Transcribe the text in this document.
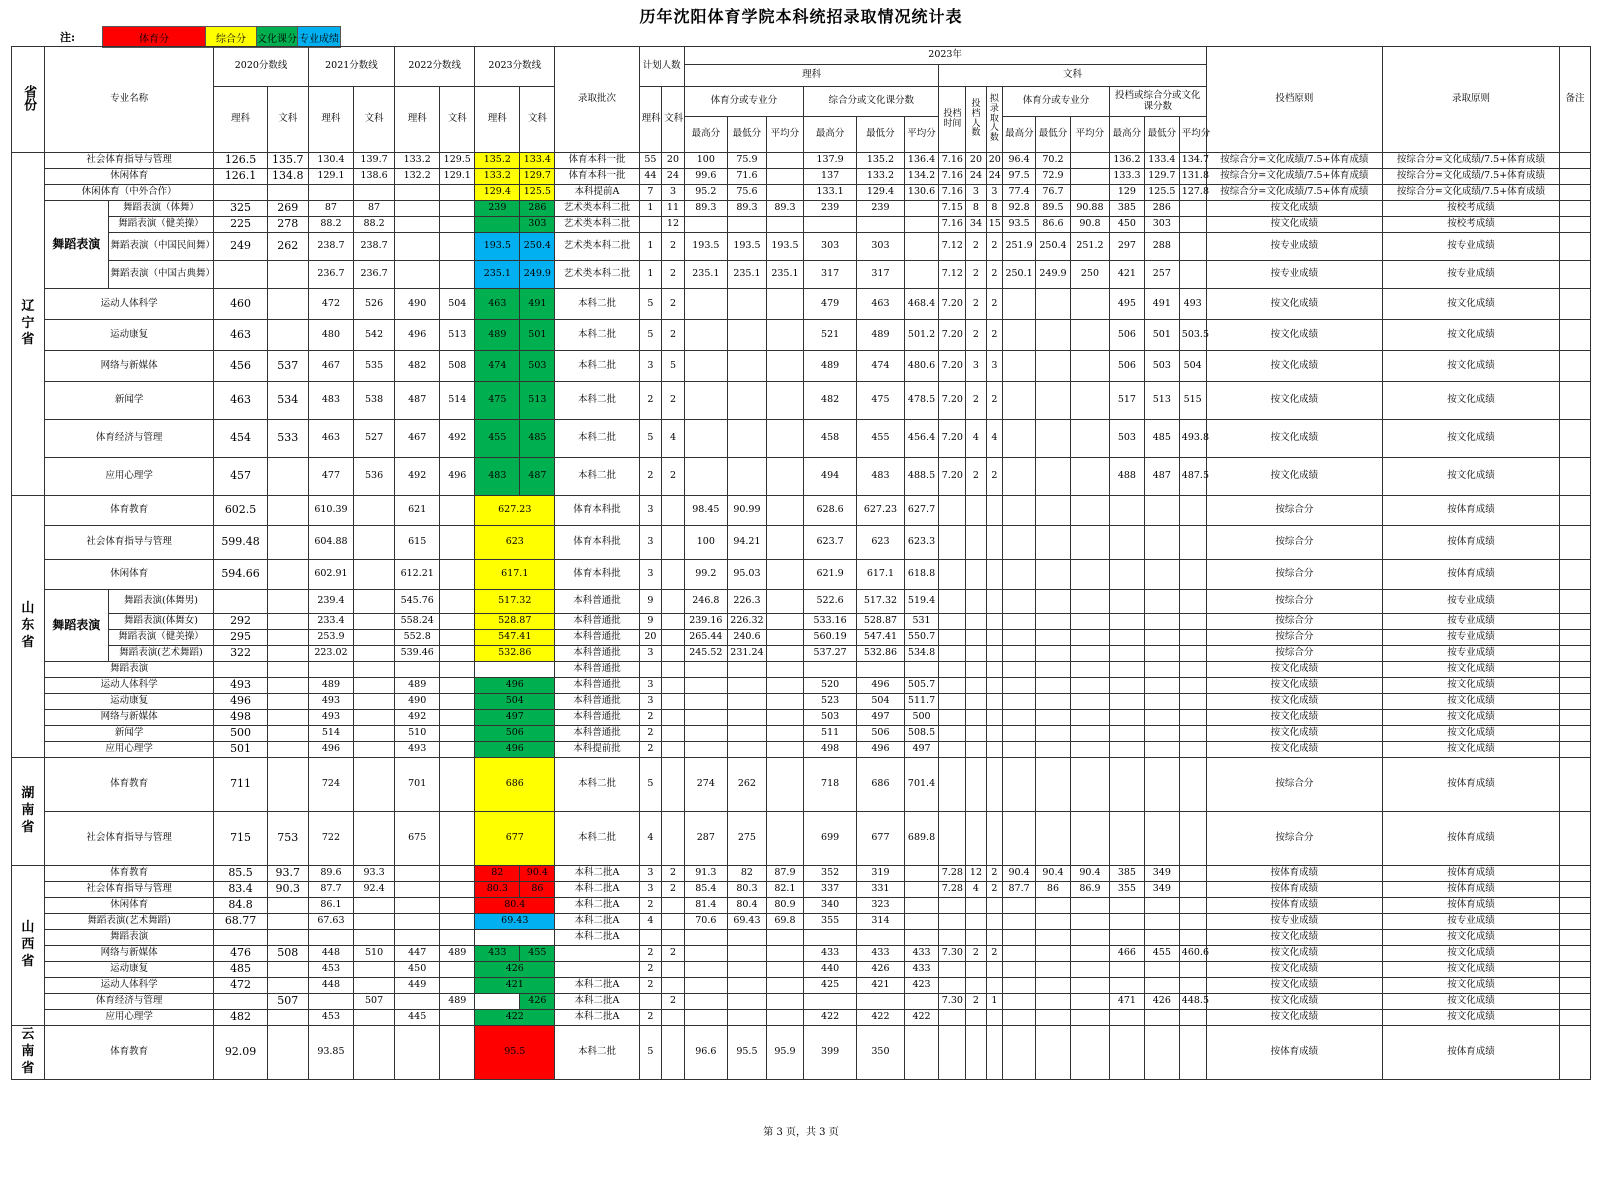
历年沈阳体育学院本科统招录取情况统计表
注:	体育分	综合分	文化课分 专业成绩
省份	专业名称		2020分数线		2021分数线		2022分数线		2023分数线		录取批次	计划人数		2023年															投档原则	录取原则	备注
														理科						文科											
			理科	文科	理科	文科	理科	文科	理科	文科		理科	文科	体育分或专业分			综合分或文化课分数			投档时间	投档人数	拟录取人数	体育分或专业分			投档或综合分或文化课分数					
														最高分	最低分	平均分	最高分	最低分	平均分				最高分	最低分	平均分	最高分	最低分	平均分			
辽宁省	社会体育指导与管理		126.5	135.7	130.4	139.7	133.2	129.5	135.2	133.4	体育本科一批	55	20	100	75.9		137.9	135.2	136.4	7.16	20	20	96.4	70.2		136.2	133.4	134.7	按综合分=文化成绩/7.5+体育成绩	按综合分=文化成绩/7.5+体育成绩	
	休闲体育		126.1	134.8	129.1	138.6	132.2	129.1	133.2	129.7	体育本科一批	44	24	99.6	71.6		137	133.2	134.2	7.16	24	24	97.5	72.9		133.3	129.7	131.8	按综合分=文化成绩/7.5+体育成绩	按综合分=文化成绩/7.5+体育成绩	
	休闲体育（中外合作）								129.4	125.5	本科提前A	7	3	95.2	75.6		133.1	129.4	130.6	7.16	3	3	77.4	76.7		129	125.5	127.8	按综合分=文化成绩/7.5+体育成绩	按综合分=文化成绩/7.5+体育成绩	
	舞蹈表演	舞蹈表演（体舞）	325	269	87	87			239	286	艺术类本科二批	1	11	89.3	89.3	89.3	239	239		7.15	8	8	92.8	89.5	90.88	385	286		按文化成绩	按校考成绩	
		舞蹈表演（健美操）	225	278	88.2	88.2				303	艺术类本科二批		12							7.16	34	15	93.5	86.6	90.8	450	303		按文化成绩	按校考成绩	
		舞蹈表演（中国民间舞）	249	262	238.7	238.7			193.5	250.4	艺术类本科二批	1	2	193.5	193.5	193.5	303	303		7.12	2	2	251.9	250.4	251.2	297	288		按专业成绩	按专业成绩	
		舞蹈表演（中国古典舞）			236.7	236.7			235.1	249.9	艺术类本科二批	1	2	235.1	235.1	235.1	317	317		7.12	2	2	250.1	249.9	250	421	257		按专业成绩	按专业成绩	
	运动人体科学		460		472	526	490	504	463	491	本科二批	5	2				479	463	468.4	7.20	2	2				495	491	493	按文化成绩	按文化成绩	
	运动康复		463		480	542	496	513	489	501	本科二批	5	2				521	489	501.2	7.20	2	2				506	501	503.5	按文化成绩	按文化成绩	
	网络与新媒体		456	537	467	535	482	508	474	503	本科二批	3	5				489	474	480.6	7.20	3	3				506	503	504	按文化成绩	按文化成绩	
	新闻学		463	534	483	538	487	514	475	513	本科二批	2	2				482	475	478.5	7.20	2	2				517	513	515	按文化成绩	按文化成绩	
	体育经济与管理		454	533	463	527	467	492	455	485	本科二批	5	4				458	455	456.4	7.20	4	4				503	485	493.8	按文化成绩	按文化成绩	
	应用心理学		457		477	536	492	496	483	487	本科二批	2	2				494	483	488.5	7.20	2	2				488	487	487.5	按文化成绩	按文化成绩	
山东省	体育教育		602.5		610.39		621		627.23		体育本科批	3		98.45	90.99		628.6	627.23	627.7										按综合分	按体育成绩	
	社会体育指导与管理		599.48		604.88		615		623		体育本科批	3		100	94.21		623.7	623	623.3										按综合分	按体育成绩	
	休闲体育		594.66		602.91		612.21		617.1		体育本科批	3		99.2	95.03		621.9	617.1	618.8										按综合分	按体育成绩	
	舞蹈表演	舞蹈表演(体舞男)			239.4		545.76		517.32		本科普通批	9		246.8	226.3		522.6	517.32	519.4										按综合分	按专业成绩	
		舞蹈表演(体舞女)	292		233.4		558.24		528.87		本科普通批	9		239.16	226.32		533.16	528.87	531										按综合分	按专业成绩	
		舞蹈表演（健美操）	295		253.9		552.8		547.41		本科普通批	20		265.44	240.6		560.19	547.41	550.7										按综合分	按专业成绩	
		舞蹈表演(艺术舞蹈)	322		223.02		539.46		532.86		本科普通批	3		245.52	231.24		537.27	532.86	534.8										按综合分	按专业成绩	
	舞蹈表演										本科普通批																		按文化成绩	按文化成绩	
	运动人体科学		493		489		489		496		本科普通批	3					520	496	505.7										按文化成绩	按文化成绩	
	运动康复		496		493		490		504		本科普通批	3					523	504	511.7										按文化成绩	按文化成绩	
	网络与新媒体		498		493		492		497		本科普通批	2					503	497	500										按文化成绩	按文化成绩	
	新闻学		500		514		510		506		本科普通批	2					511	506	508.5										按文化成绩	按文化成绩	
	应用心理学		501		496		493		496		本科提前批	2					498	496	497										按文化成绩	按文化成绩	
湖南省	体育教育		711		724		701		686		本科二批	5		274	262		718	686	701.4										按综合分	按体育成绩	
	社会体育指导与管理		715	753	722		675		677		本科二批	4		287	275		699	677	689.8										按综合分	按体育成绩	
山西省	体育教育		85.5	93.7	89.6	93.3			82	90.4	本科二批A	3	2	91.3	82	87.9	352	319		7.28	12	2	90.4	90.4	90.4	385	349		按体育成绩	按体育成绩	
	社会体育指导与管理		83.4	90.3	87.7	92.4			80.3	86	本科二批A	3	2	85.4	80.3	82.1	337	331		7.28	4	2	87.7	86	86.9	355	349		按体育成绩	按体育成绩	
	休闲体育		84.8		86.1				80.4		本科二批A	2		81.4	80.4	80.9	340	323											按体育成绩	按体育成绩	
	舞蹈表演(艺术舞蹈)		68.77		67.63				69.43		本科二批A	4		70.6	69.43	69.8	355	314											按专业成绩	按专业成绩	
	舞蹈表演										本科二批A																		按文化成绩	按文化成绩	
	网络与新媒体		476	508	448	510	447	489	433	455		2	2				433	433	433	7.30	2	2				466	455	460.6	按文化成绩	按文化成绩	
	运动康复		485		453		450		426			2					440	426	433										按文化成绩	按文化成绩	
	运动人体科学		472		448		449		421		本科二批A	2					425	421	423										按文化成绩	按文化成绩	
	体育经济与管理			507		507		489		426	本科二批A		2							7.30	2	1				471	426	448.5	按文化成绩	按文化成绩	
	应用心理学		482		453		445		422		本科二批A	2					422	422	422										按文化成绩	按文化成绩	
云南省	体育教育		92.09		93.85				95.5		本科二批	5		96.6	95.5	95.9	399	350											按体育成绩	按体育成绩	
第 3 页，共 3 页
